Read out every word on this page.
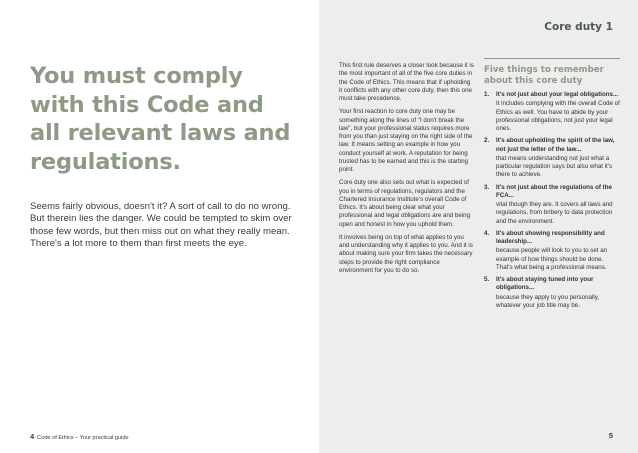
You must comply with this Code and all relevant laws and regulations.

Seems fairly obvious, doesn't it? A sort of call to do no wrong. But therein lies the danger. We could be tempted to skim over those few words, but then miss out on what they really mean. There's a lot more to them than first meets the eye.

4 Code of Ethics – Your practical guide
Core duty 1
5

This first rule deserves a closer look because it is the most important of all of the five core duties in the Code of Ethics. This means that if upholding it conflicts with any other core duty, then this one must take precedence.

Your first reaction to core duty one may be something along the lines of "I don't break the law", but your professional status requires more from you than just staying on the right side of the law. It means setting an example in how you conduct yourself at work. A reputation for being trusted has to be earned and this is the starting point.

Core duty one also sets out what is expected of you in terms of regulations, regulators and the Chartered Insurance Institute's overall Code of Ethics. It's about being clear what your professional and legal obligations are and being open and honest in how you uphold them.

It involves being on top of what applies to you and understanding why it applies to you. And it is about making sure your firm takes the necessary steps to provide the right compliance environment for you to do so.

Five things to remember about this core duty
1.	It's not just about your legal obligations...
It includes complying with the overall Code of Ethics as well. You have to abide by your professional obligations, not just your legal ones.
2.	It's about upholding the spirit of the law, not just the letter of the law...
that means understanding not just what a particular regulation says but also what it's there to achieve.
3.	It's not just about the regulations of the FCA...
vital though they are. It covers all laws and regulations, from bribery to data protection and the environment.
4.	It's about showing responsibility and leadership...
because people will look to you to set an example of how things should be done. That's what being a professional means.
5.	It's about staying tuned into your obligations...
because they apply to you personally, whatever your job title may be.
